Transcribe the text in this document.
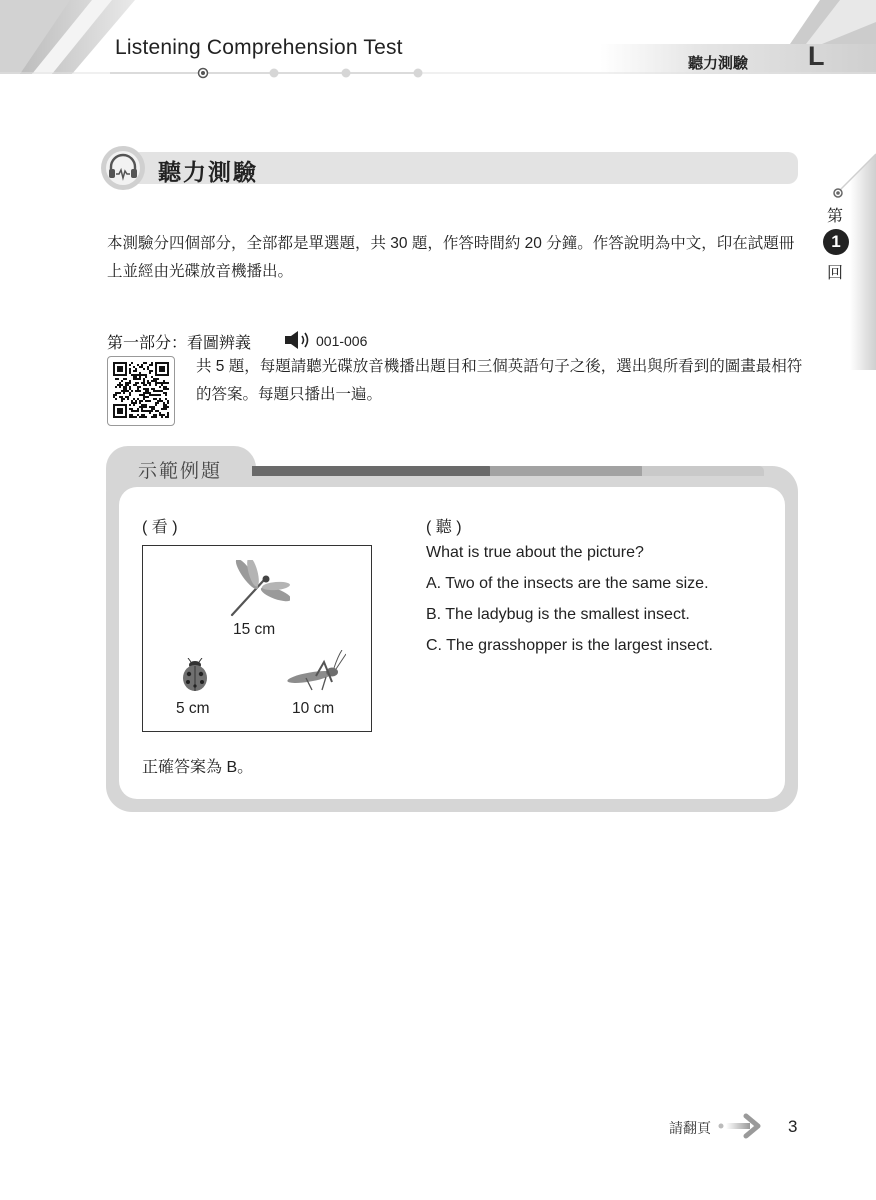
Listening Comprehension Test
聽力測驗 L
第
1
回
聽力測驗
本測驗分四個部分，全部都是單選題，共 30 題，作答時間約 20 分鐘。作答說明為中文，印在試題冊上並經由光碟放音機播出。
第一部分：看圖辨義	001-006
共 5 題，每題請聽光碟放音機播出題目和三個英語句子之後，選出與所看到的圖畫最相符的答案。每題只播出一遍。
示範例題
( 看 )
15 cm
5 cm	10 cm
正確答案為 B。
( 聽 )
What is true about the picture?
A. Two of the insects are the same size.
B. The ladybug is the smallest insect.
C. The grasshopper is the largest insect.
請翻頁	3
